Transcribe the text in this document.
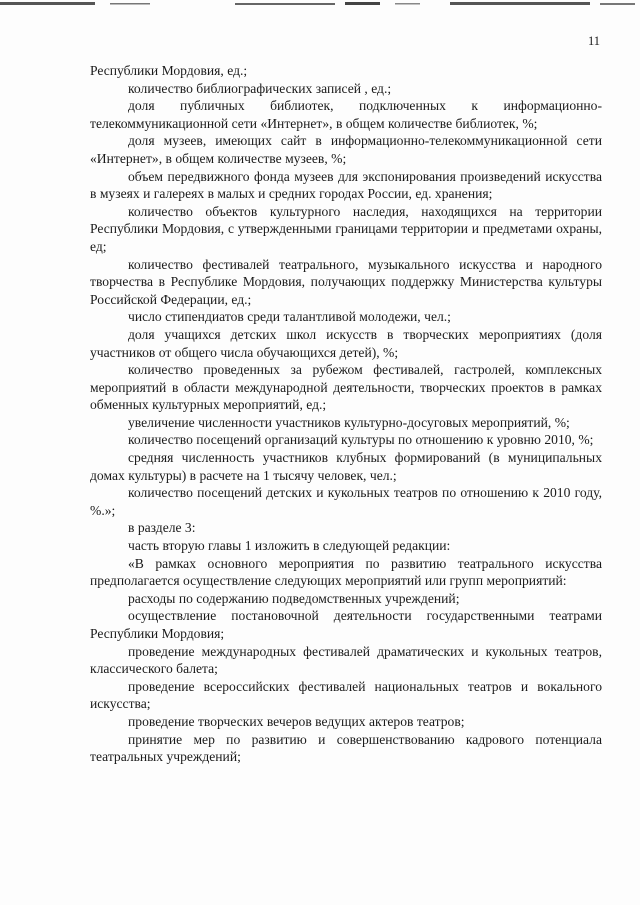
11

Республики Мордовия, ед.;

количество библиографических записей , ед.;

доля публичных библиотек, подключенных к информационно-телекоммуникационной сети «Интернет», в общем количестве библиотек, %;

доля музеев, имеющих сайт в информационно-телекоммуникационной сети «Интернет», в общем количестве музеев, %;

объем передвижного фонда музеев для экспонирования произведений искусства в музеях и галереях в малых и средних городах России, ед. хранения;

количество объектов культурного наследия, находящихся на территории Республики Мордовия, с утвержденными границами территории и предметами охраны, ед;

количество фестивалей театрального, музыкального искусства и народного творчества в Республике Мордовия, получающих поддержку Министерства культуры Российской Федерации, ед.;

число стипендиатов среди талантливой молодежи, чел.;

доля учащихся детских школ искусств в творческих мероприятиях (доля участников от общего числа обучающихся детей), %;

количество проведенных за рубежом фестивалей, гастролей, комплексных мероприятий в области международной деятельности, творческих проектов в рамках обменных культурных мероприятий, ед.;

увеличение численности участников культурно-досуговых мероприятий, %;

количество посещений организаций культуры по отношению к уровню 2010, %;

средняя численность участников клубных формирований (в муниципальных домах культуры) в расчете на 1 тысячу человек, чел.;

количество посещений детских и кукольных театров по отношению к 2010 году, %.»;

в разделе 3:

часть вторую главы 1 изложить в следующей редакции:

«В рамках основного мероприятия по развитию театрального искусства предполагается осуществление следующих мероприятий или групп мероприятий:

расходы по содержанию подведомственных учреждений;

осуществление постановочной деятельности государственными театрами Республики Мордовия;

проведение международных фестивалей драматических и кукольных театров, классического балета;

проведение всероссийских фестивалей национальных театров и вокального искусства;

проведение творческих вечеров ведущих актеров театров;

принятие мер по развитию и совершенствованию кадрового потенциала театральных учреждений;
